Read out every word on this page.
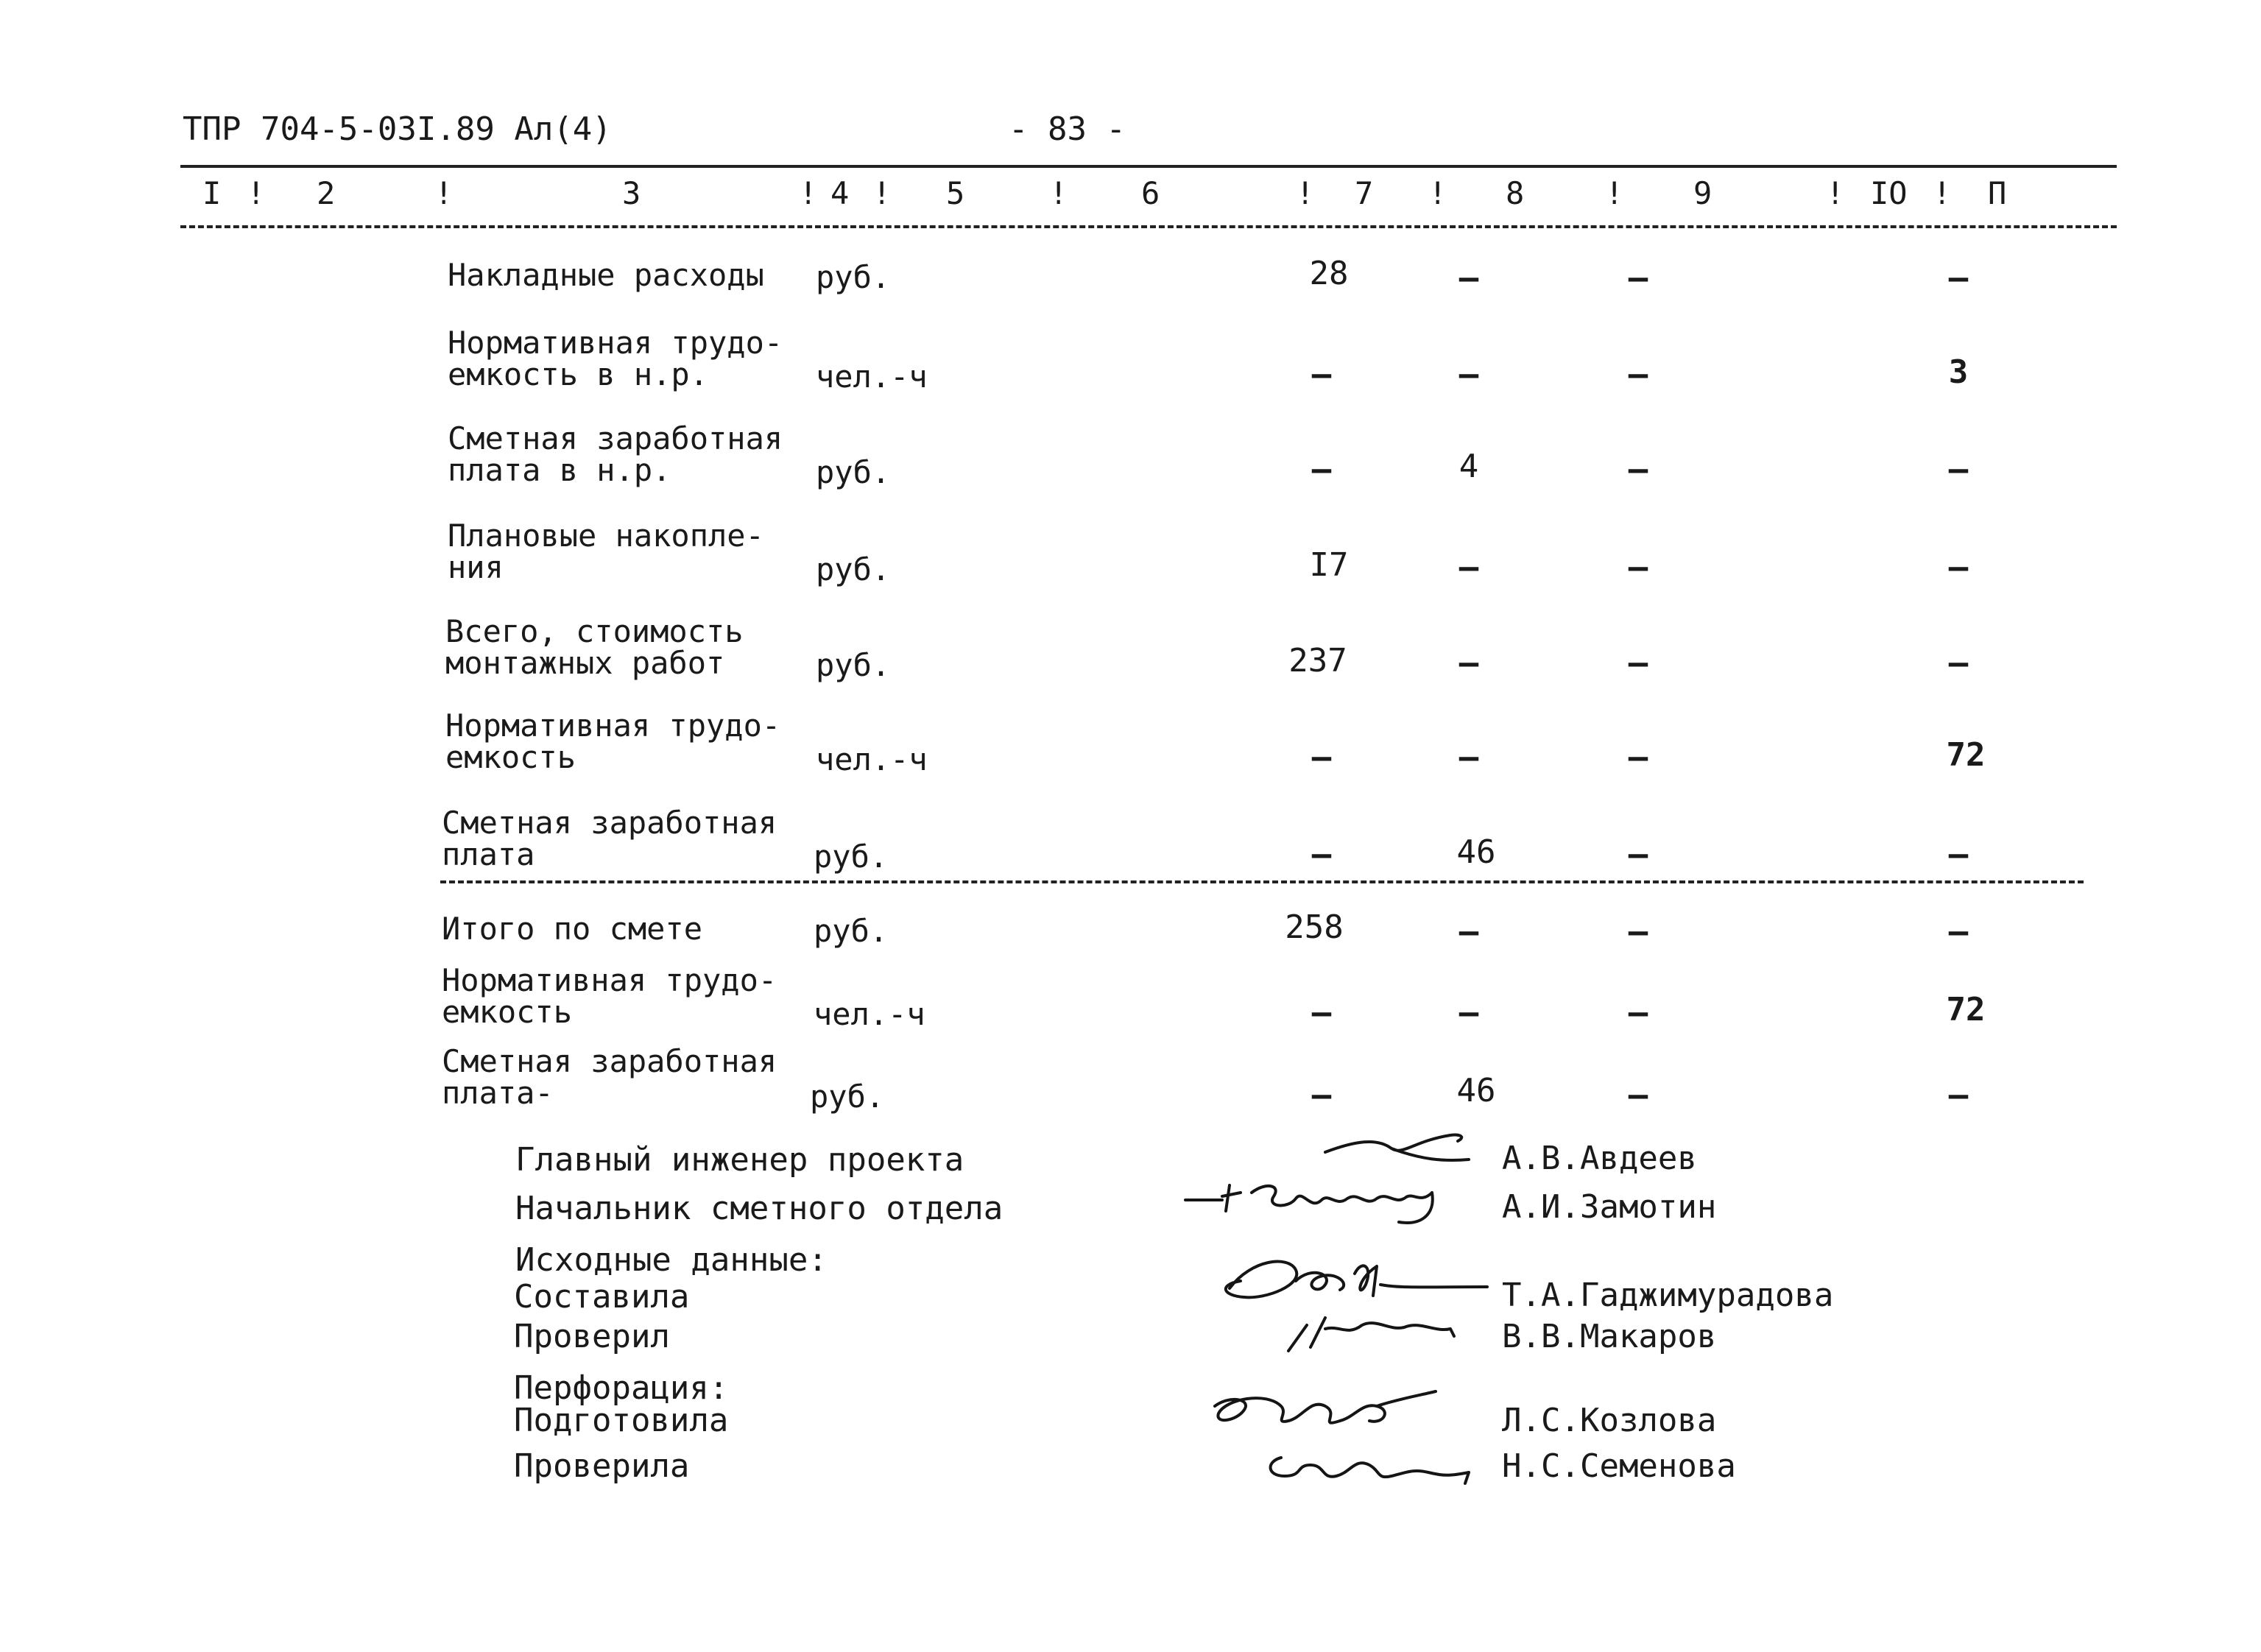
ТПР 704-5-03I.89 Ал(4)	- 83 -
I ! 2	!	3	! 4 ! 5	! 6	! 7 ! 8	! 9	! IO ! П
Накладные расходы руб.	28	–	–	–
Нормативная трудо-
емкость в н.р.	чел.-ч	–	–	–	3
Сметная заработная
плата в н.р.	руб.	–	4	–	–
Плановые накопле-
ния	руб.	I7	–	–	–
Всего, стоимость
монтажных работ	руб.	237	–	–	–
Нормативная трудо-
емкость	чел.-ч	–	–	–	72
Сметная заработная
плата	руб.	–	46	–	–
Итого по смете	руб.	258	–	–	–
Нормативная трудо-
емкость	чел.-ч	–	–	–	72
Сметная заработная
плата-	руб.	–	46	–	–
Главный инженер проекта	А.В.Авдеев
Начальник сметного отдела	А.И.Замотин
Исходные данные:
Составила	Т.А.Гаджимурадова
Проверил	В.В.Макаров
Перфорация:
Подготовила	Л.С.Козлова
Проверила	Н.С.Семенова
